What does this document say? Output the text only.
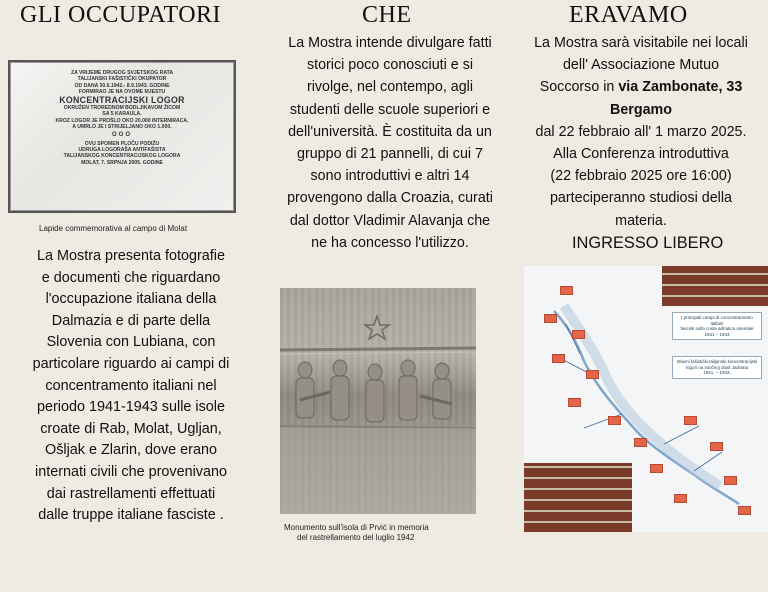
GLI OCCUPATORI	CHE	ERAVAMO
ZA VRIJEME DRUGOG SVJETSKOG RATA
TALIJANSKI FAŠISTIČKI OKUPATOR
OD DANA 30.6.1942.- 8.9.1943. GODINE
FORMIRAO JE NA OVOME MJESTU
KONCENTRACIJSKI LOGOR
OKRUŽEN TROREDNOM BODLJIKAVOM ŽICOM
SA 5 KARAULA.
KROZ LOGOR JE PROŠLO OKO 20.000 INTERNIRACA,
A UMRLO JE I STRIJELJANO OKO 1.000.
OOO
OVU SPOMEN PLOČU PODIŽU
UDRUGA LOGORAŠA ANTIFAŠISTA
TALIJANSKOG KONCENTRACIJSKOG LOGORA
MOLAT, 7. SRPNJA 2005. GODINE
Lapide commemorativa al campo di Molat
La Mostra presenta fotografie
e documenti che riguardano
l'occupazione italiana della
Dalmazia e di parte della
Slovenia con Lubiana, con
particolare riguardo ai campi di
concentramento italiani nel
periodo 1941-1943 sulle isole
croate di Rab, Molat, Ugljan,
Ošljak e Zlarin, dove erano
internati civili che provenivano
dai rastrellamenti effettuati
dalle truppe italiane fasciste .
La Mostra intende divulgare fatti
storici poco conosciuti e si
rivolge, nel contempo, agli
studenti delle scuole superiori e
dell'università. È costituita da un
gruppo di 21 pannelli, di cui 7
sono introduttivi e altri 14
provengono dalla Croazia, curati
dal dottor Vladimir Alavanja che
ne ha concesso l'utilizzo.
Monumento sull'isola di Prvić in memoria
del rastrellamento del luglio 1942
La Mostra sarà visitabile nei locali
dell' Associazione Mutuo
Soccorso in via Zambonate, 33
Bergamo
dal 22 febbraio all' 1 marzo 2025.
Alla Conferenza introduttiva
(22 febbraio 2025 ore 16:00)
parteciperanno studiosi della
materia.
INGRESSO LIBERO
I principali campi di concentramento italiani
fascisti sulla costa adriatica orientale
1941 – 1943
Glavni fašistički talijanski koncentracijski
logori na istočnoj obali Jadrana
1941. – 1943.
